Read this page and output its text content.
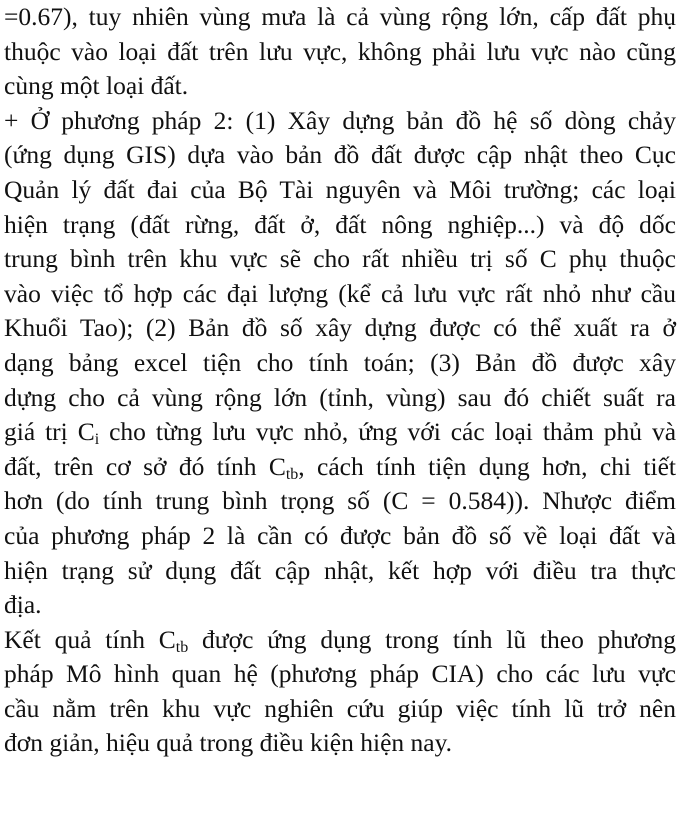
=0.67), tuy nhiên vùng mưa là cả vùng rộng lớn, cấp đất phụ
thuộc vào loại đất trên lưu vực, không phải lưu vực nào cũng
cùng một loại đất.
+ Ở phương pháp 2: (1) Xây dựng bản đồ hệ số dòng chảy
(ứng dụng GIS) dựa vào bản đồ đất được cập nhật theo Cục
Quản lý đất đai của Bộ Tài nguyên và Môi trường; các loại
hiện trạng (đất rừng, đất ở, đất nông nghiệp...) và độ dốc
trung bình trên khu vực sẽ cho rất nhiều trị số C phụ thuộc
vào việc tổ hợp các đại lượng (kể cả lưu vực rất nhỏ như cầu
Khuổi Tao); (2) Bản đồ số xây dựng được có thể xuất ra ở
dạng bảng excel tiện cho tính toán; (3) Bản đồ được xây
dựng cho cả vùng rộng lớn (tỉnh, vùng) sau đó chiết suất ra
giá trị $C_i$ cho từng lưu vực nhỏ, ứng với các loại thảm phủ và
đất, trên cơ sở đó tính $C_{tb}$, cách tính tiện dụng hơn, chi tiết
hơn (do tính trung bình trọng số (C = 0.584)). Nhược điểm
của phương pháp 2 là cần có được bản đồ số về loại đất và
hiện trạng sử dụng đất cập nhật, kết hợp với điều tra thực
địa.
Kết quả tính $C_{tb}$ được ứng dụng trong tính lũ theo phương
pháp Mô hình quan hệ (phương pháp CIA) cho các lưu vực
cầu nằm trên khu vực nghiên cứu giúp việc tính lũ trở nên
đơn giản, hiệu quả trong điều kiện hiện nay.
